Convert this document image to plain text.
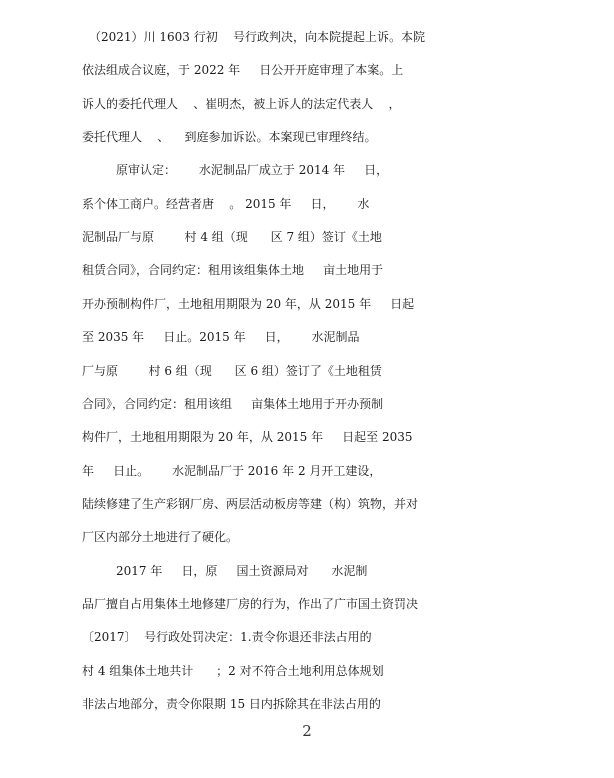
（2021）川 1603 行初    号行政判决，向本院提起上诉。本院
依法组成合议庭，于 2022 年     日公开开庭审理了本案。上
诉人的委托代理人    、崔明杰，被上诉人的法定代表人    ，
委托代理人    、    到庭参加诉讼。本案现已审理终结。
原审认定：      水泥制品厂成立于 2014 年     日，
系个体工商户。经营者唐    。 2015 年     日，      水
泥制品厂与原        村 4 组（现      区 7 组）签订《土地
租赁合同》，合同约定：租用该组集体土地     亩土地用于
开办预制构件厂，土地租用期限为 20 年，从 2015 年     日起
至 2035 年     日止。2015 年     日，      水泥制品
厂与原        村 6 组（现      区 6 组）签订了《土地租赁
合同》，合同约定：租用该组     亩集体土地用于开办预制
构件厂，土地租用期限为 20 年，从 2015 年     日起至 2035
年     日止。      水泥制品厂于 2016 年 2 月开工建设，
陆续修建了生产彩钢厂房、两层活动板房等建（构）筑物，并对
厂区内部分土地进行了硬化。
2017 年     日，原     国土资源局对      水泥制
品厂擅自占用集体土地修建厂房的行为，作出了广市国土资罚决
〔2017〕  号行政处罚决定：1.责令你退还非法占用的
村 4 组集体土地共计      ；2 对不符合土地利用总体规划
非法占地部分，责令你限期 15 日内拆除其在非法占用的
2
